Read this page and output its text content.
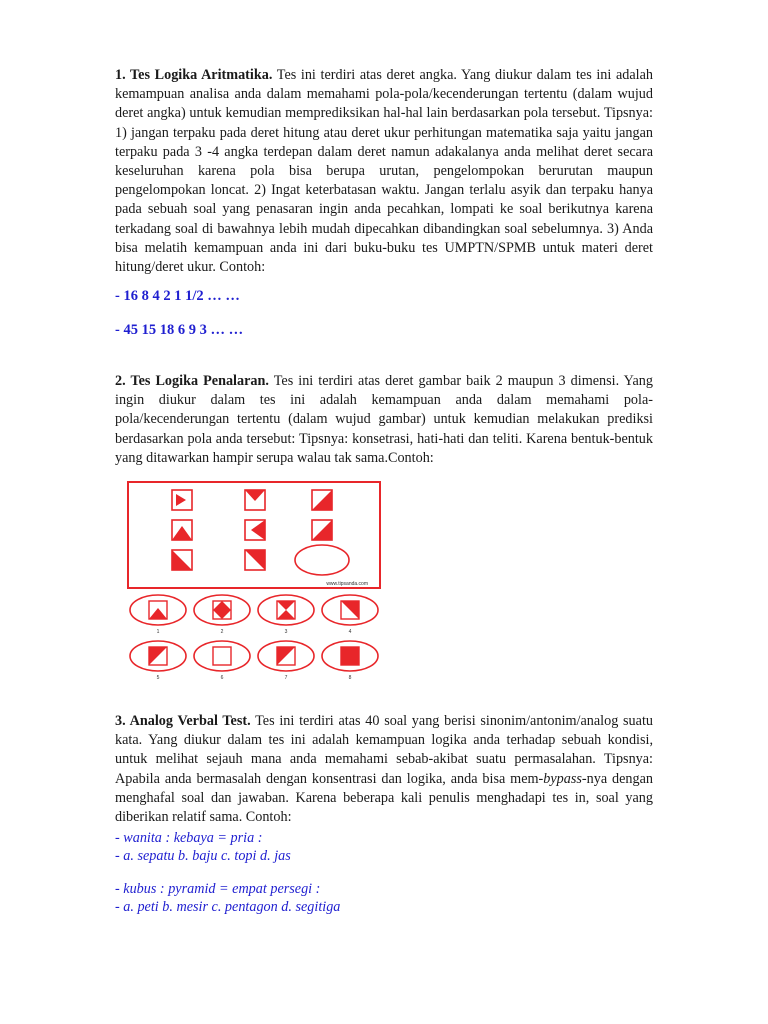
1. Tes Logika Aritmatika. Tes ini terdiri atas deret angka. Yang diukur dalam tes ini adalah kemampuan analisa anda dalam memahami pola-pola/kecenderungan tertentu (dalam wujud deret angka) untuk kemudian memprediksikan hal-hal lain berdasarkan pola tersebut. Tipsnya: 1) jangan terpaku pada deret hitung atau deret ukur perhitungan matematika saja yaitu jangan terpaku pada 3 -4 angka terdepan dalam deret namun adakalanya anda melihat deret secara keseluruhan karena pola bisa berupa urutan, pengelompokan berurutan maupun pengelompokan loncat. 2) Ingat keterbatasan waktu. Jangan terlalu asyik dan terpaku hanya pada sebuah soal yang penasaran ingin anda pecahkan, lompati ke soal berikutnya karena terkadang soal di bawahnya lebih mudah dipecahkan dibandingkan soal sebelumnya. 3) Anda bisa melatih kemampuan anda ini dari buku-buku tes UMPTN/SPMB untuk materi deret hitung/deret ukur. Contoh:

- 16 8 4 2 1 1/2 … …

- 45 15 18 6 9 3 … …

2. Tes Logika Penalaran. Tes ini terdiri atas deret gambar baik 2 maupun 3 dimensi. Yang ingin diukur dalam tes ini adalah kemampuan anda dalam memahami pola-pola/kecenderungan tertentu (dalam wujud gambar) untuk kemudian melakukan prediksi berdasarkan pola anda tersebut: Tipsnya: konsetrasi, hati-hati dan teliti. Karena bentuk-bentuk yang ditawarkan hampir serupa walau tak sama.Contoh:

www.tipsanda.com
1	2	3	4
5	6	7	8

3. Analog Verbal Test. Tes ini terdiri atas 40 soal yang berisi sinonim/antonim/analog suatu kata. Yang diukur dalam tes ini adalah kemampuan logika anda terhadap sebuah kondisi, untuk melihat sejauh mana anda memahami sebab-akibat suatu permasalahan. Tipsnya: Apabila anda bermasalah dengan konsentrasi dan logika, anda bisa mem-bypass-nya dengan menghafal soal dan jawaban. Karena beberapa kali penulis menghadapi tes in, soal yang diberikan relatif sama. Contoh:

- wanita : kebaya = pria :

- a. sepatu b. baju c. topi d. jas

- kubus : pyramid = empat persegi :

- a. peti b. mesir c. pentagon d. segitiga
